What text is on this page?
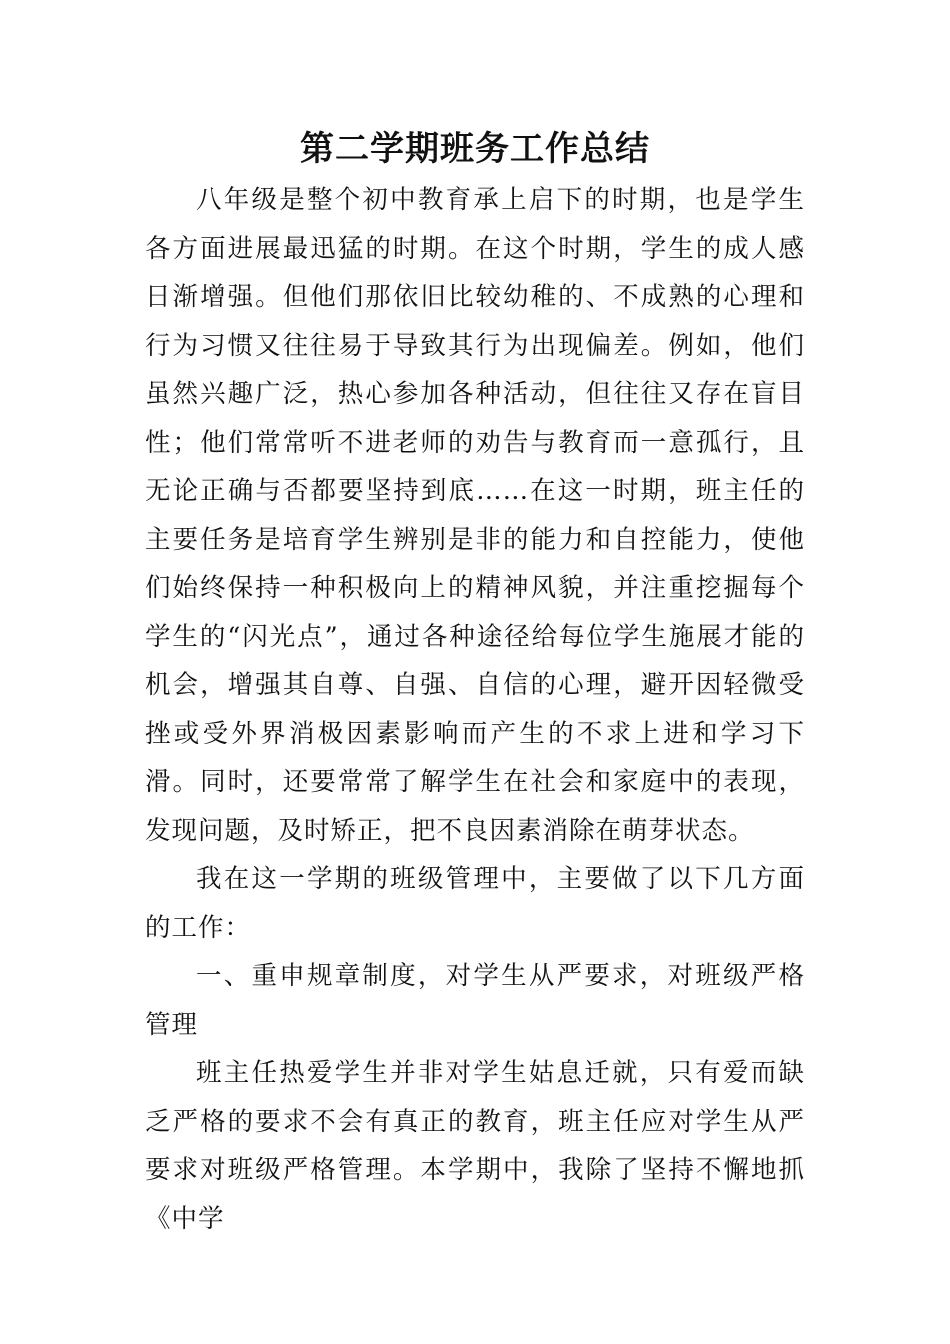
第二学期班务工作总结

八年级是整个初中教育承上启下的时期，也是学生各方面进展最迅猛的时期。在这个时期，学生的成人感日渐增强。但他们那依旧比较幼稚的、不成熟的心理和行为习惯又往往易于导致其行为出现偏差。例如，他们虽然兴趣广泛，热心参加各种活动，但往往又存在盲目性；他们常常听不进老师的劝告与教育而一意孤行，且无论正确与否都要坚持到底……在这一时期，班主任的主要任务是培育学生辨别是非的能力和自控能力，使他们始终保持一种积极向上的精神风貌，并注重挖掘每个学生的“闪光点”，通过各种途径给每位学生施展才能的机会，增强其自尊、自强、自信的心理，避开因轻微受挫或受外界消极因素影响而产生的不求上进和学习下滑。同时，还要常常了解学生在社会和家庭中的表现，发现问题，及时矫正，把不良因素消除在萌芽状态。

我在这一学期的班级管理中，主要做了以下几方面的工作：

一、重申规章制度，对学生从严要求，对班级严格管理

班主任热爱学生并非对学生姑息迁就，只有爱而缺乏严格的要求不会有真正的教育，班主任应对学生从严要求对班级严格管理。本学期中，我除了坚持不懈地抓《中学
